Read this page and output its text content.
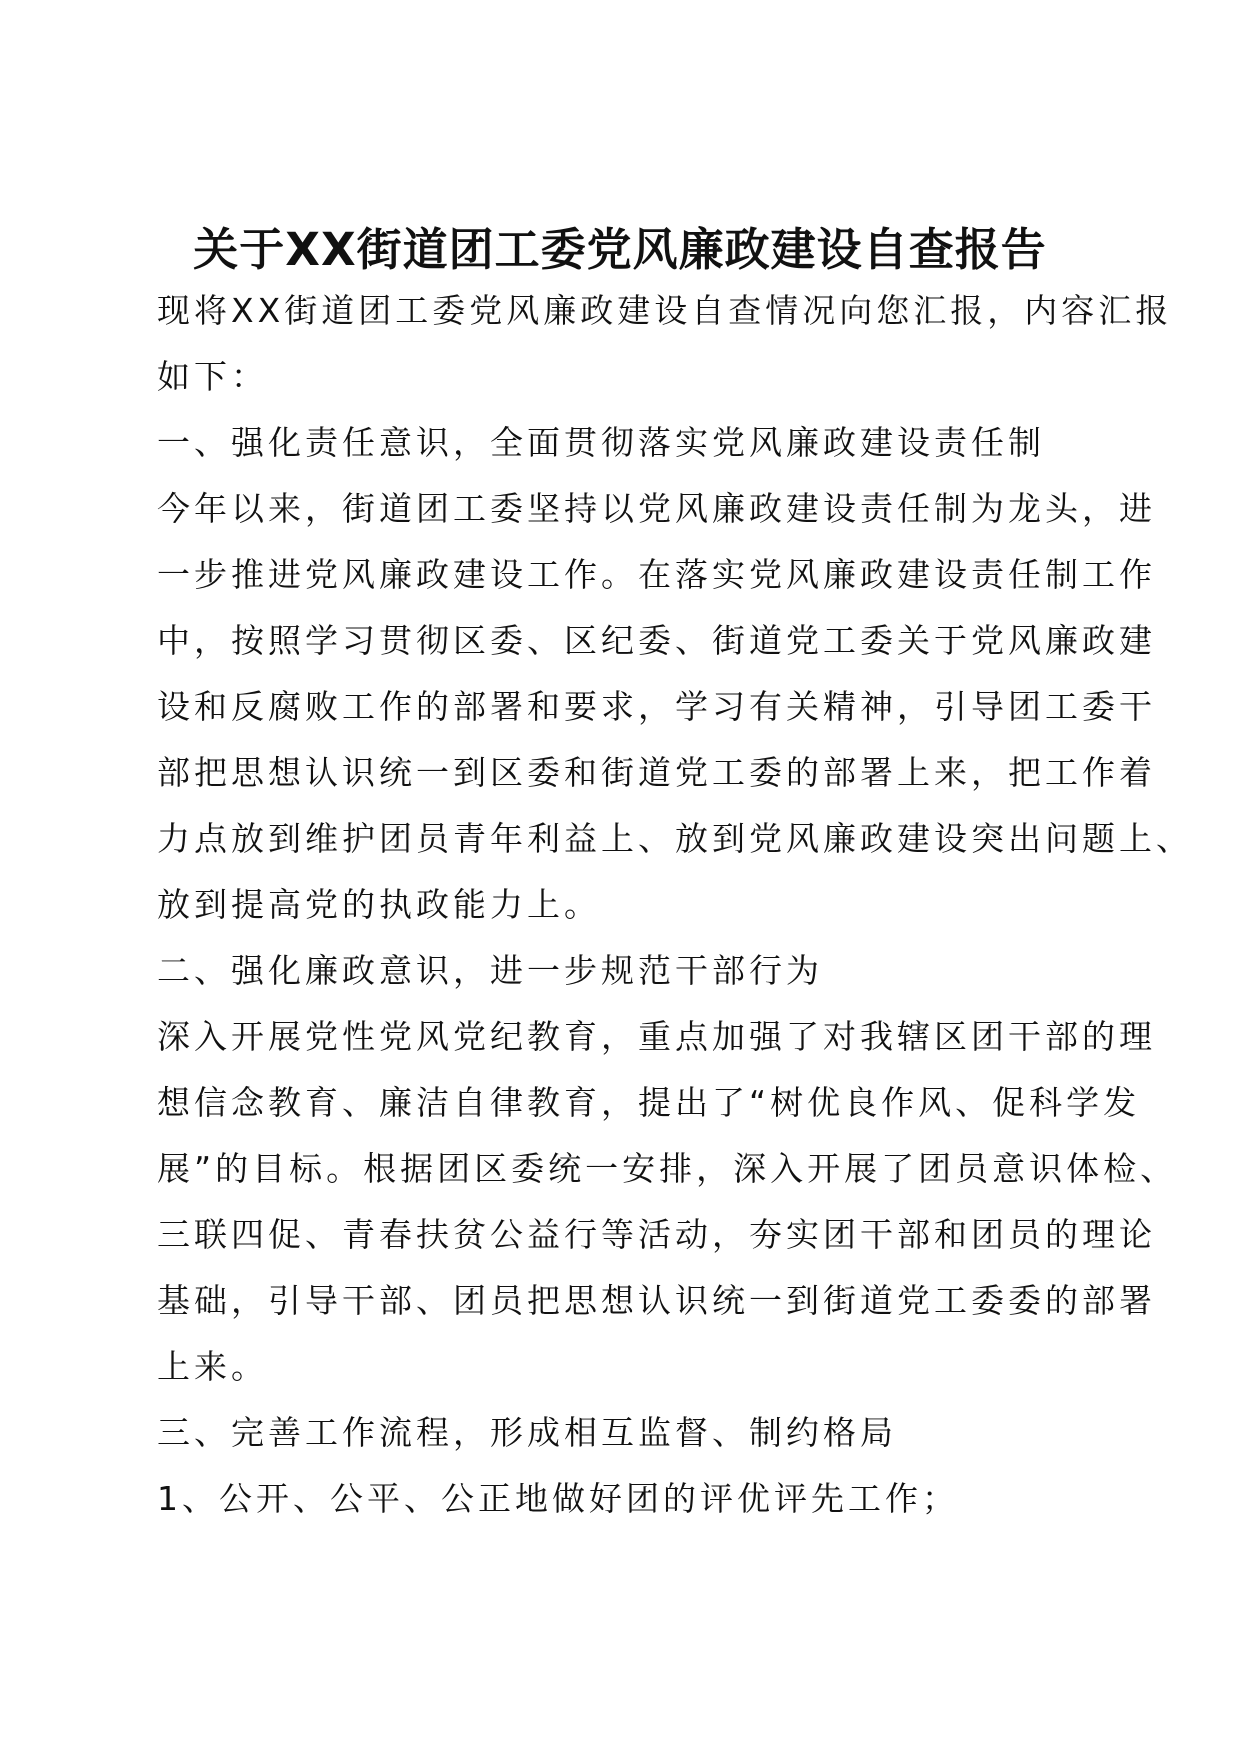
关于XX街道团工委党风廉政建设自查报告
现将XX街道团工委党风廉政建设自查情况向您汇报，内容汇报
如下：
一、强化责任意识，全面贯彻落实党风廉政建设责任制
今年以来，街道团工委坚持以党风廉政建设责任制为龙头，进
一步推进党风廉政建设工作。在落实党风廉政建设责任制工作
中，按照学习贯彻区委、区纪委、街道党工委关于党风廉政建
设和反腐败工作的部署和要求，学习有关精神，引导团工委干
部把思想认识统一到区委和街道党工委的部署上来，把工作着
力点放到维护团员青年利益上、放到党风廉政建设突出问题上、
放到提高党的执政能力上。
二、强化廉政意识，进一步规范干部行为
深入开展党性党风党纪教育，重点加强了对我辖区团干部的理
想信念教育、廉洁自律教育，提出了“树优良作风、促科学发
展”的目标。根据团区委统一安排，深入开展了团员意识体检、
三联四促、青春扶贫公益行等活动，夯实团干部和团员的理论
基础，引导干部、团员把思想认识统一到街道党工委委的部署
上来。
三、完善工作流程，形成相互监督、制约格局
1、公开、公平、公正地做好团的评优评先工作；
